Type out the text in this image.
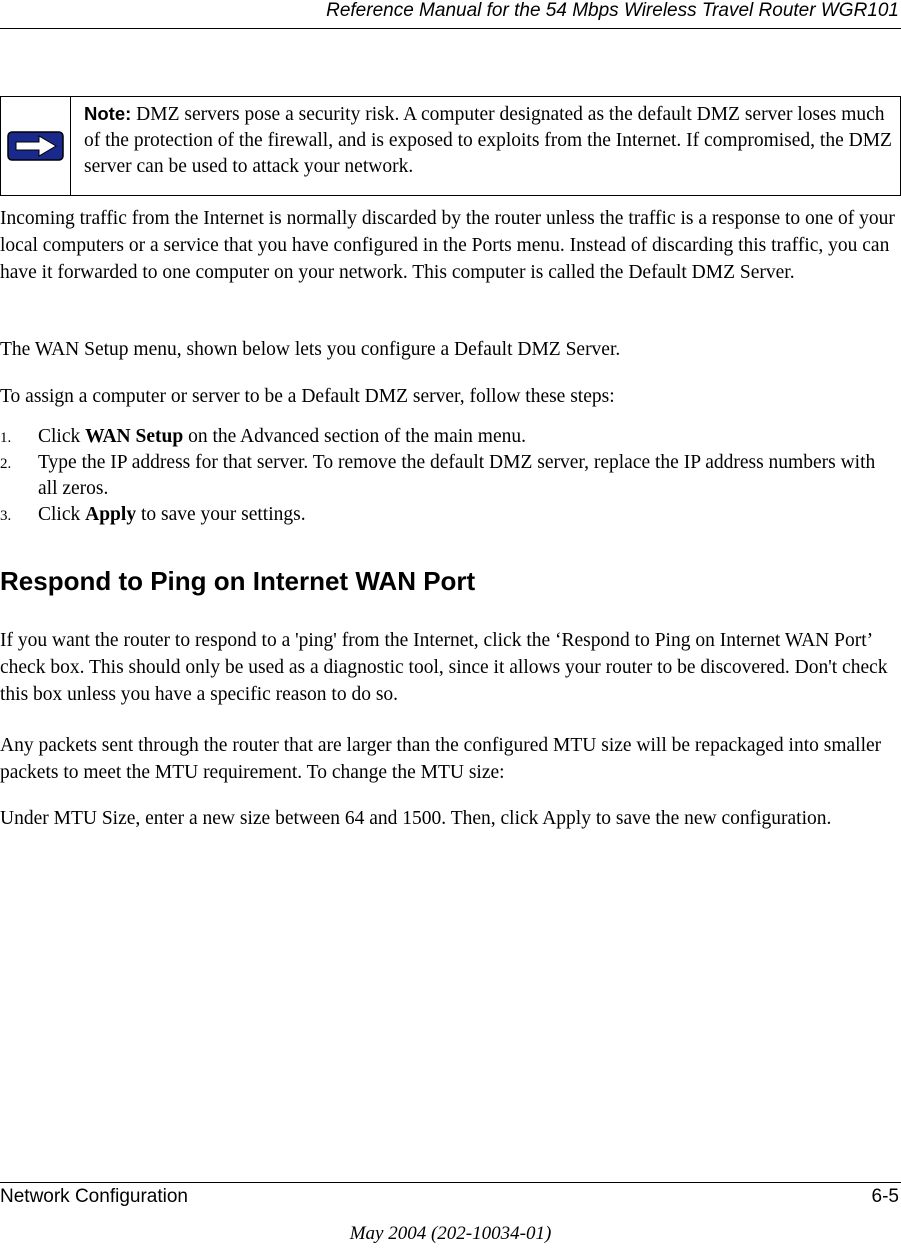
Reference Manual for the 54 Mbps Wireless Travel Router WGR101
Note: DMZ servers pose a security risk. A computer designated as the default DMZ server loses much of the protection of the firewall, and is exposed to exploits from the Internet. If compromised, the DMZ server can be used to attack your network.

Incoming traffic from the Internet is normally discarded by the router unless the traffic is a response to one of your local computers or a service that you have configured in the Ports menu. Instead of discarding this traffic, you can have it forwarded to one computer on your network. This computer is called the Default DMZ Server.

The WAN Setup menu, shown below lets you configure a Default DMZ Server.

To assign a computer or server to be a Default DMZ server, follow these steps:

1. Click WAN Setup on the Advanced section of the main menu.
2. Type the IP address for that server. To remove the default DMZ server, replace the IP address numbers with all zeros.
3. Click Apply to save your settings.
Respond to Ping on Internet WAN Port

If you want the router to respond to a 'ping' from the Internet, click the ‘Respond to Ping on Internet WAN Port’ check box. This should only be used as a diagnostic tool, since it allows your router to be discovered. Don't check this box unless you have a specific reason to do so.

Any packets sent through the router that are larger than the configured MTU size will be repackaged into smaller packets to meet the MTU requirement. To change the MTU size:

Under MTU Size, enter a new size between 64 and 1500. Then, click Apply to save the new configuration.

Network Configuration	6-5
May 2004 (202-10034-01)
